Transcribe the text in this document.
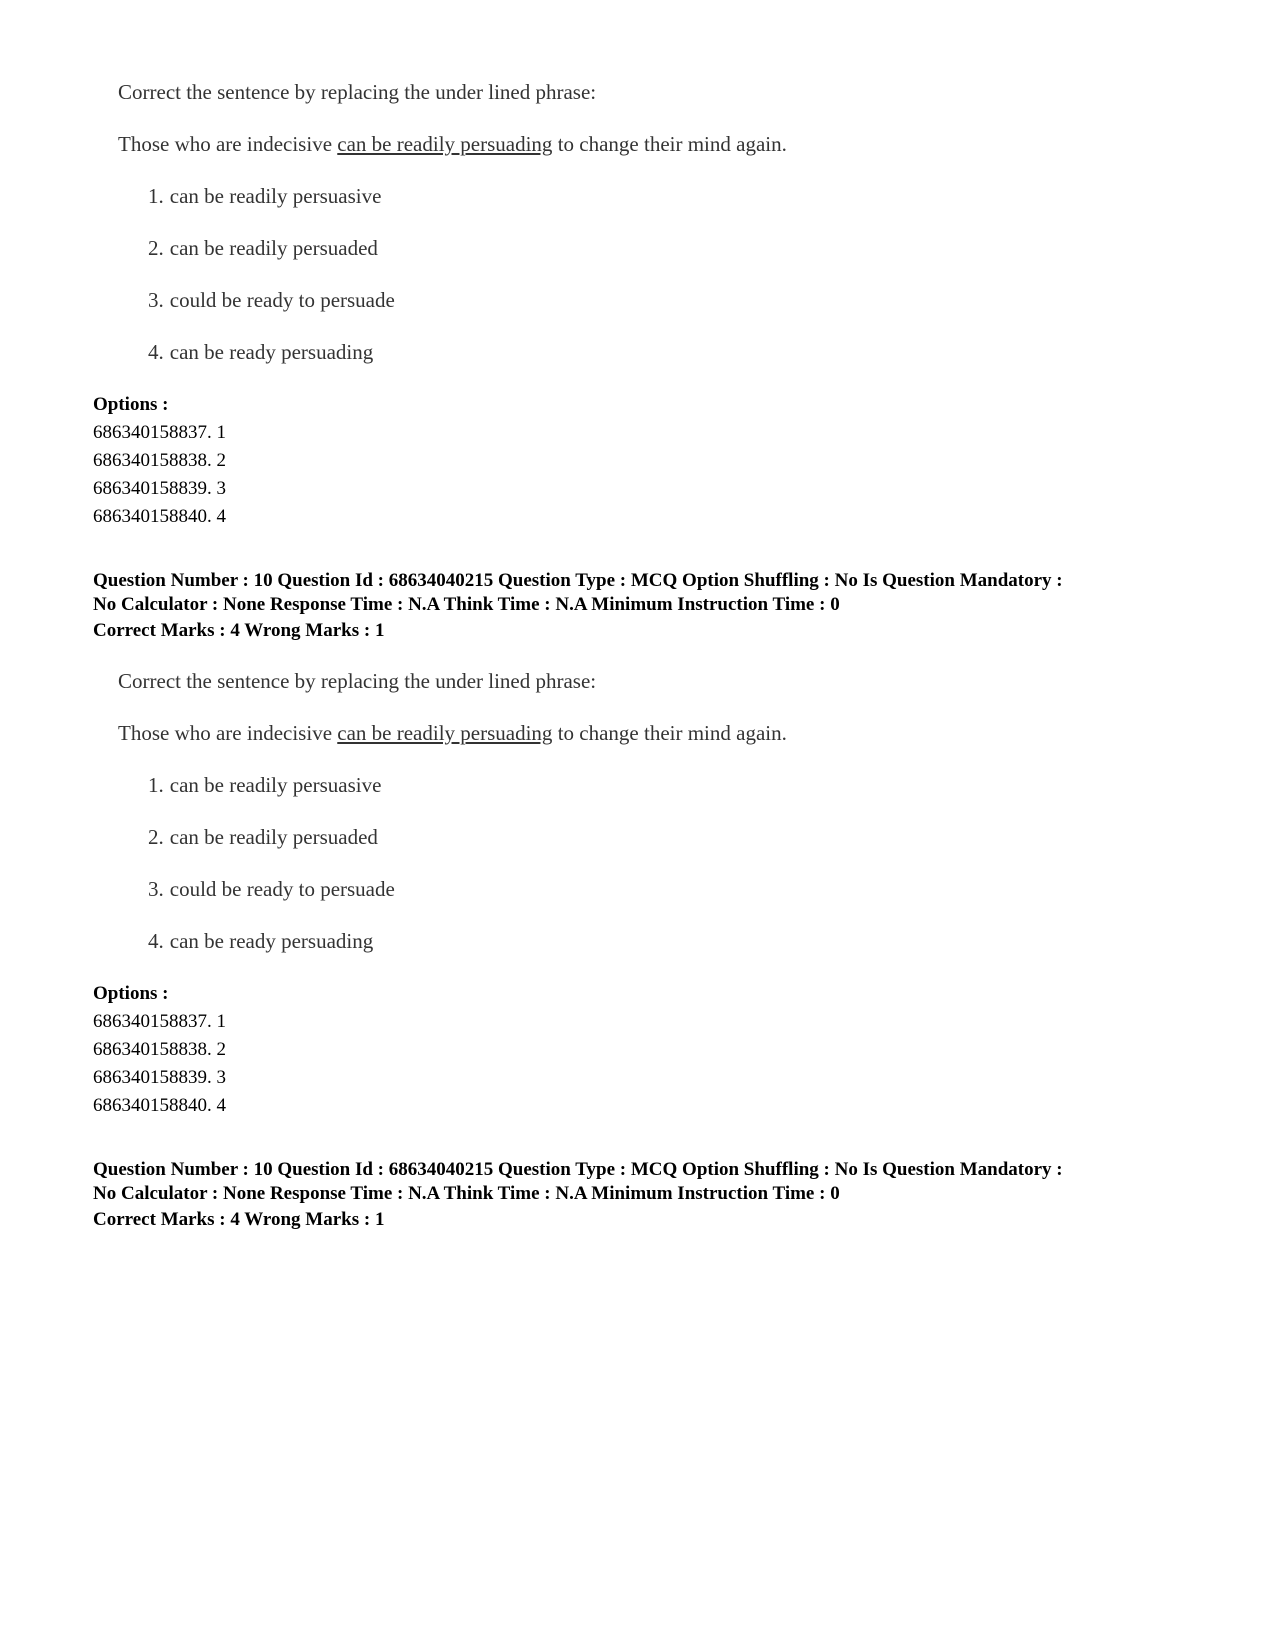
Correct the sentence by replacing the under lined phrase:
Those who are indecisive can be readily persuading to change their mind again.
1. can be readily persuasive
2. can be readily persuaded
3. could be ready to persuade
4. can be ready persuading
Options :
686340158837. 1
686340158838. 2
686340158839. 3
686340158840. 4
Question Number : 10 Question Id : 68634040215 Question Type : MCQ Option Shuffling : No Is Question Mandatory :
No Calculator : None Response Time : N.A Think Time : N.A Minimum Instruction Time : 0
Correct Marks : 4 Wrong Marks : 1
Correct the sentence by replacing the under lined phrase:
Those who are indecisive can be readily persuading to change their mind again.
1. can be readily persuasive
2. can be readily persuaded
3. could be ready to persuade
4. can be ready persuading
Options :
686340158837. 1
686340158838. 2
686340158839. 3
686340158840. 4
Question Number : 10 Question Id : 68634040215 Question Type : MCQ Option Shuffling : No Is Question Mandatory :
No Calculator : None Response Time : N.A Think Time : N.A Minimum Instruction Time : 0
Correct Marks : 4 Wrong Marks : 1
